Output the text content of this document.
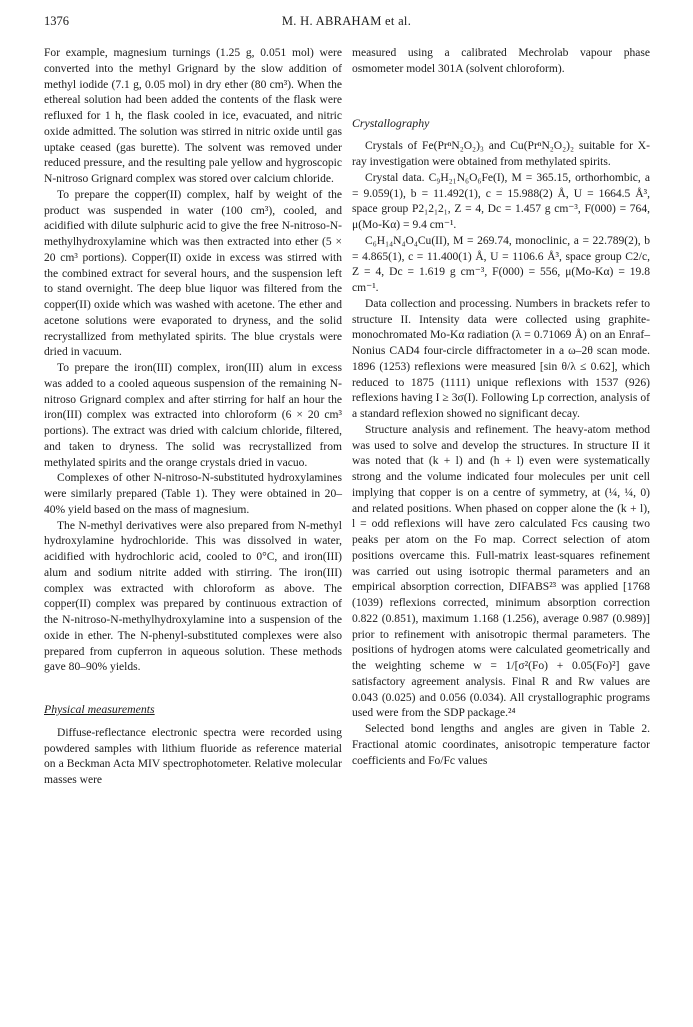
1376	M. H. ABRAHAM et al.

For example, magnesium turnings (1.25 g, 0.051 mol) were converted into the methyl Grignard by the slow addition of methyl iodide (7.1 g, 0.05 mol) in dry ether (80 cm³). When the ethereal solution had been added the contents of the flask were refluxed for 1 h, the flask cooled in ice, evacuated, and nitric oxide admitted. The solution was stirred in nitric oxide until gas uptake ceased (gas burette). The solvent was removed under reduced pressure, and the resulting pale yellow and hygroscopic N-nitroso Grignard complex was stored over calcium chloride.

To prepare the copper(II) complex, half by weight of the product was suspended in water (100 cm³), cooled, and acidified with dilute sulphuric acid to give the free N-nitroso-N-methylhydroxylamine which was then extracted into ether (5 × 20 cm³ portions). Copper(II) oxide in excess was stirred with the combined extract for several hours, and the suspension left to stand overnight. The deep blue liquor was filtered from the copper(II) oxide which was washed with acetone. The ether and acetone solutions were evaporated to dryness, and the solid recrystallized from methylated spirits. The blue crystals were dried in vacuum.

To prepare the iron(III) complex, iron(III) alum in excess was added to a cooled aqueous suspension of the remaining N-nitroso Grignard complex and after stirring for half an hour the iron(III) complex was extracted into chloroform (6 × 20 cm³ portions). The extract was dried with calcium chloride, filtered, and taken to dryness. The solid was recrystallized from methylated spirits and the orange crystals dried in vacuo.

Complexes of other N-nitroso-N-substituted hydroxylamines were similarly prepared (Table 1). They were obtained in 20–40% yield based on the mass of magnesium.

The N-methyl derivatives were also prepared from N-methyl hydroxylamine hydrochloride. This was dissolved in water, acidified with hydrochloric acid, cooled to 0°C, and iron(III) alum and sodium nitrite added with stirring. The iron(III) complex was extracted with chloroform as above. The copper(II) complex was prepared by continuous extraction of the N-nitroso-N-methylhydroxylamine into a suspension of the oxide in ether. The N-phenyl-substituted complexes were also prepared from cupferron in aqueous solution. These methods gave 80–90% yields.

Physical measurements

Diffuse-reflectance electronic spectra were recorded using powdered samples with lithium fluoride as reference material on a Beckman Acta MIV spectrophotometer. Relative molecular masses were

measured using a calibrated Mechrolab vapour phase osmometer model 301A (solvent chloroform).

Crystallography

Crystals of Fe(PrⁿN₂O₂)₃ and Cu(PrⁿN₂O₂)₂ suitable for X-ray investigation were obtained from methylated spirits.

Crystal data. C₉H₂₁N₆O₆Fe(I), M = 365.15, orthorhombic, a = 9.059(1), b = 11.492(1), c = 15.988(2) Å, U = 1664.5 Å³, space group P2₁2₁2₁, Z = 4, Dc = 1.457 g cm⁻³, F(000) = 764, μ(Mo-Kα) = 9.4 cm⁻¹.

C₆H₁₄N₄O₄Cu(II), M = 269.74, monoclinic, a = 22.789(2), b = 4.865(1), c = 11.400(1) Å, U = 1106.6 Å³, space group C2/c, Z = 4, Dc = 1.619 g cm⁻³, F(000) = 556, μ(Mo-Kα) = 19.8 cm⁻¹.

Data collection and processing. Numbers in brackets refer to structure II. Intensity data were collected using graphite-monochromated Mo-Kα radiation (λ = 0.71069 Å) on an Enraf–Nonius CAD4 four-circle diffractometer in a ω–2θ scan mode. 1896 (1253) reflexions were measured [sin θ/λ ≤ 0.62], which reduced to 1875 (1111) unique reflexions with 1537 (926) reflexions having I ≥ 3σ(I). Following Lp correction, analysis of a standard reflexion showed no significant decay.

Structure analysis and refinement. The heavy-atom method was used to solve and develop the structures. In structure II it was noted that (k + l) and (h + l) even were systematically strong and the volume indicated four molecules per unit cell implying that copper is on a centre of symmetry, at (¼, ¼, 0) and related positions. When phased on copper alone the (k + l), l = odd reflexions will have zero calculated Fcs causing two peaks per atom on the Fo map. Correct selection of atom positions overcame this. Full-matrix least-squares refinement was carried out using isotropic thermal parameters and an empirical absorption correction, DIFABS²³ was applied [1768 (1039) reflexions corrected, minimum absorption correction 0.822 (0.851), maximum 1.168 (1.256), average 0.987 (0.989)] prior to refinement with anisotropic thermal parameters. The positions of hydrogen atoms were calculated geometrically and the weighting scheme w = 1/[σ²(Fo) + 0.05(Fo)²] gave satisfactory agreement analysis. Final R and Rw values are 0.043 (0.025) and 0.056 (0.034). All crystallographic programs used were from the SDP package.²⁴

Selected bond lengths and angles are given in Table 2. Fractional atomic coordinates, anisotropic temperature factor coefficients and Fo/Fc values
